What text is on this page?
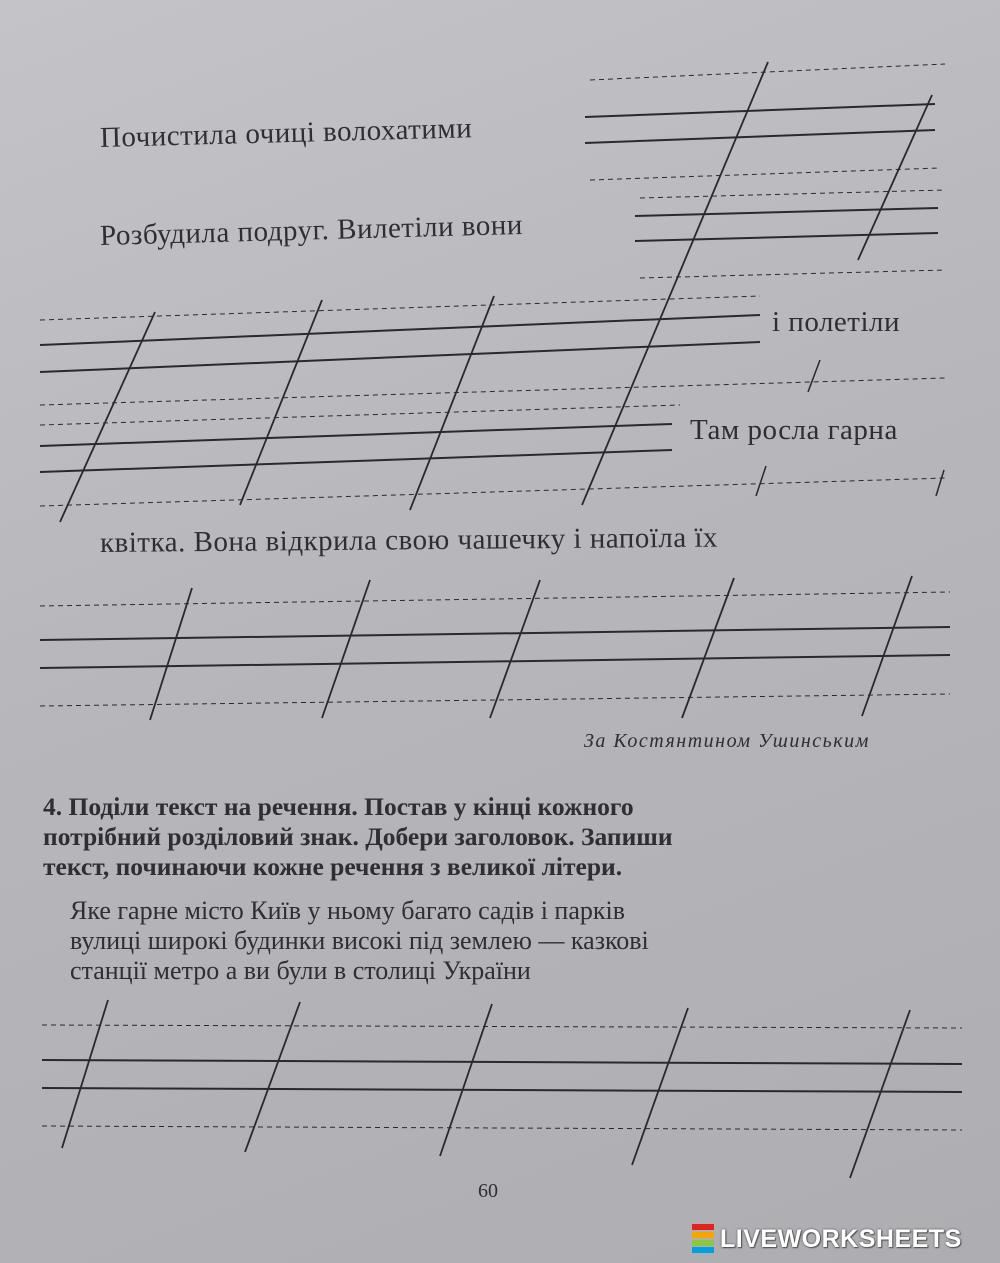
Почистила очиці волохатими
Розбудила подруг. Вилетіли вони
і полетіли
Там росла гарна
квітка. Вона відкрила свою чашечку і напоїла їх
За Костянтином Ушинським
4. Поділи текст на речення. Постав у кінці кожного
потрібний розділовий знак. Добери заголовок. Запиши
текст, починаючи кожне речення з великої літери.
Яке гарне місто Київ у ньому багато садів і парків
вулиці широкі будинки високі під землею — казкові
станції метро а ви були в столиці України
60
LIVEWORKSHEETS
